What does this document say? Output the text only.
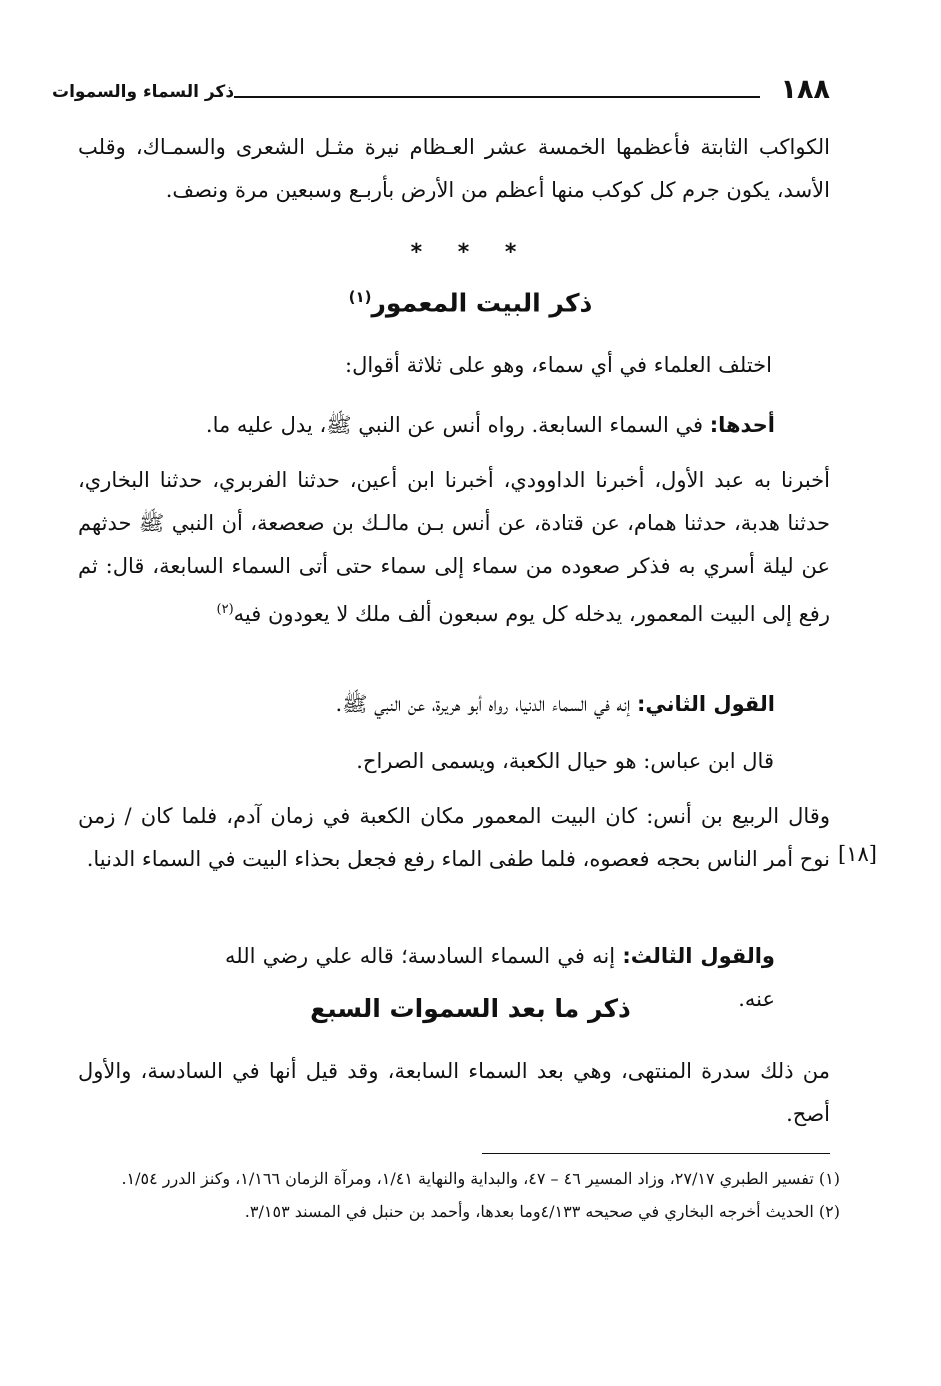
١٨٨
ذكر السماء والسموات
الكواكب الثابتة فأعظمها الخمسة عشر العـظام نيرة مثـل الشعرى والسمـاك، وقلب الأسد، يكون جرم كل كوكب منها أعظم من الأرض بأربـع وسبعين مرة ونصف.
* * *
ذكر البيت المعمور$^{(١)}$
اختلف العلماء في أي سماء، وهو على ثلاثة أقوال:
أحدها: في السماء السابعة. رواه أنس عن النبي ﷺ، يدل عليه ما.
أخبرنا به عبد الأول، أخبرنا الداوودي، أخبرنا ابن أعين، حدثنا الفربري، حدثنا البخاري، حدثنا هدبة، حدثنا همام، عن قتادة، عن أنس بـن مالـك بن صعصعة، أن النبي ﷺ حدثهم عن ليلة أسري به فذكر صعوده من سماء إلى سماء حتى أتى السماء السابعة، قال: ثم رفع إلى البيت المعمور، يدخله كل يوم سبعون ألف ملك لا يعودون فيه$^{(٢)}$
القول الثاني: إنه في السماء الدنيا، رواه أبو هريرة، عن النبي ﷺ.
قال ابن عباس: هو حيال الكعبة، ويسمى الصراح.
وقال الربيع بن أنس: كان البيت المعمور مكان الكعبة في زمان آدم، فلما كان / زمن نوح أمر الناس بحجه فعصوه، فلما طفى الماء رفع فجعل بحذاء البيت في السماء الدنيا. [١٨]
والقول الثالث: إنه في السماء السادسة؛ قاله علي رضي الله عنه.
ذكر ما بعد السموات السبع
من ذلك سدرة المنتهى، وهي بعد السماء السابعة، وقد قيل أنها في السادسة، والأول أصح.
(١) تفسير الطبري ٢٧/١٧، وزاد المسير ٤٦ – ٤٧، والبداية والنهاية ١/٤١، ومرآة الزمان ١/١٦٦، وكنز الدرر ١/٥٤.
(٢) الحديث أخرجه البخاري في صحيحه ٤/١٣٣وما بعدها، وأحمد بن حنبل في المسند ٣/١٥٣.
